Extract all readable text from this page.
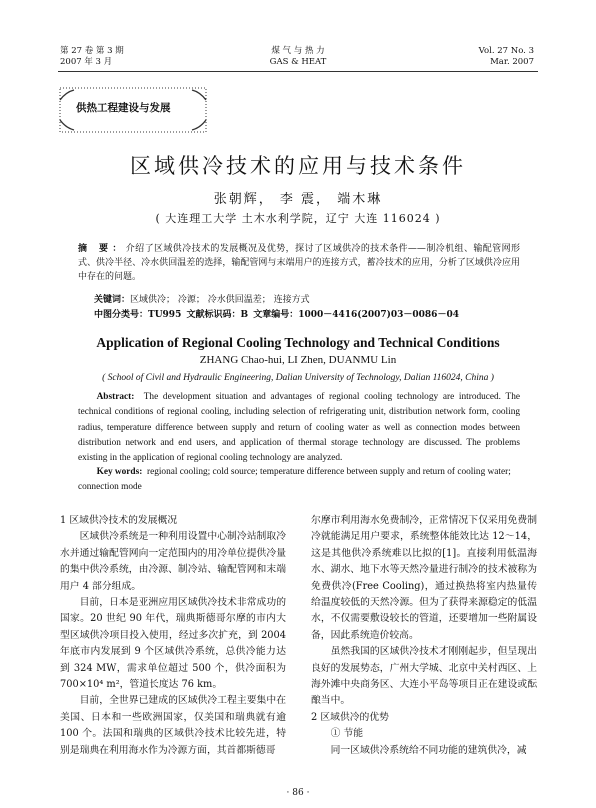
第 27 卷 第 3 期
2007 年 3 月
煤 气 与 热 力
GAS & HEAT
Vol. 27 No. 3
Mar. 2007
供热工程建设与发展
区域供冷技术的应用与技术条件
张朝辉， 李 震， 端木琳
( 大连理工大学 土木水利学院，辽宁 大连 116024 )
摘 要：介绍了区域供冷技术的发展概况及优势，探讨了区域供冷的技术条件——制冷机组、输配管网形式、供冷半径、冷水供回温差的选择，输配管网与末端用户的连接方式，蓄冷技术的应用，分析了区域供冷应用中存在的问题。
关键词：区域供冷； 冷源； 冷水供回温差； 连接方式
中图分类号：TU995 文献标识码：B 文章编号：1000－4416(2007)03－0086－04
Application of Regional Cooling Technology and Technical Conditions
ZHANG Chao-hui, LI Zhen, DUANMU Lin
( School of Civil and Hydraulic Engineering, Dalian University of Technology, Dalian 116024, China )
Abstract: The development situation and advantages of regional cooling technology are introduced. The technical conditions of regional cooling, including selection of refrigerating unit, distribution network form, cooling radius, temperature difference between supply and return of cooling water as well as connection modes between distribution network and end users, and application of thermal storage technology are discussed. The problems existing in the application of regional cooling technology are analyzed.
Key words: regional cooling; cold source; temperature difference between supply and return of cooling water; connection mode

1 区域供冷技术的发展概况

区域供冷系统是一种利用设置中心制冷站制取冷水并通过输配管网向一定范围内的用冷单位提供冷量的集中供冷系统，由冷源、制冷站、输配管网和末端用户 4 部分组成。

目前，日本是亚洲应用区域供冷技术非常成功的国家。20 世纪 90 年代，瑞典斯德哥尔摩的市内大型区域供冷项目投入使用，经过多次扩充，到 2004 年底市内发展到 9 个区域供冷系统，总供冷能力达到 324 MW，需求单位超过 500 个，供冷面积为 700×10⁴ m²，管道长度达 76 km。

目前，全世界已建成的区域供冷工程主要集中在美国、日本和一些欧洲国家，仅美国和瑞典就有逾 100 个。法国和瑞典的区域供冷技术比较先进，特别是瑞典在利用海水作为冷源方面，其首都斯德哥

尔摩市利用海水免费制冷，正常情况下仅采用免费制冷就能满足用户要求，系统整体能效比达 12～14，这是其他供冷系统难以比拟的[1]。直接利用低温海水、湖水、地下水等天然冷量进行制冷的技术被称为免费供冷(Free Cooling)，通过换热将室内热量传给温度较低的天然冷源。但为了获得来源稳定的低温水，不仅需要敷设较长的管道，还要增加一些附属设备，因此系统造价较高。

虽然我国的区域供冷技术才刚刚起步，但呈现出良好的发展势态，广州大学城、北京中关村西区、上海外滩中央商务区、大连小平岛等项目正在建设或酝酿当中。

2 区域供冷的优势

① 节能

同一区域供冷系统给不同功能的建筑供冷，减

· 86 ·
